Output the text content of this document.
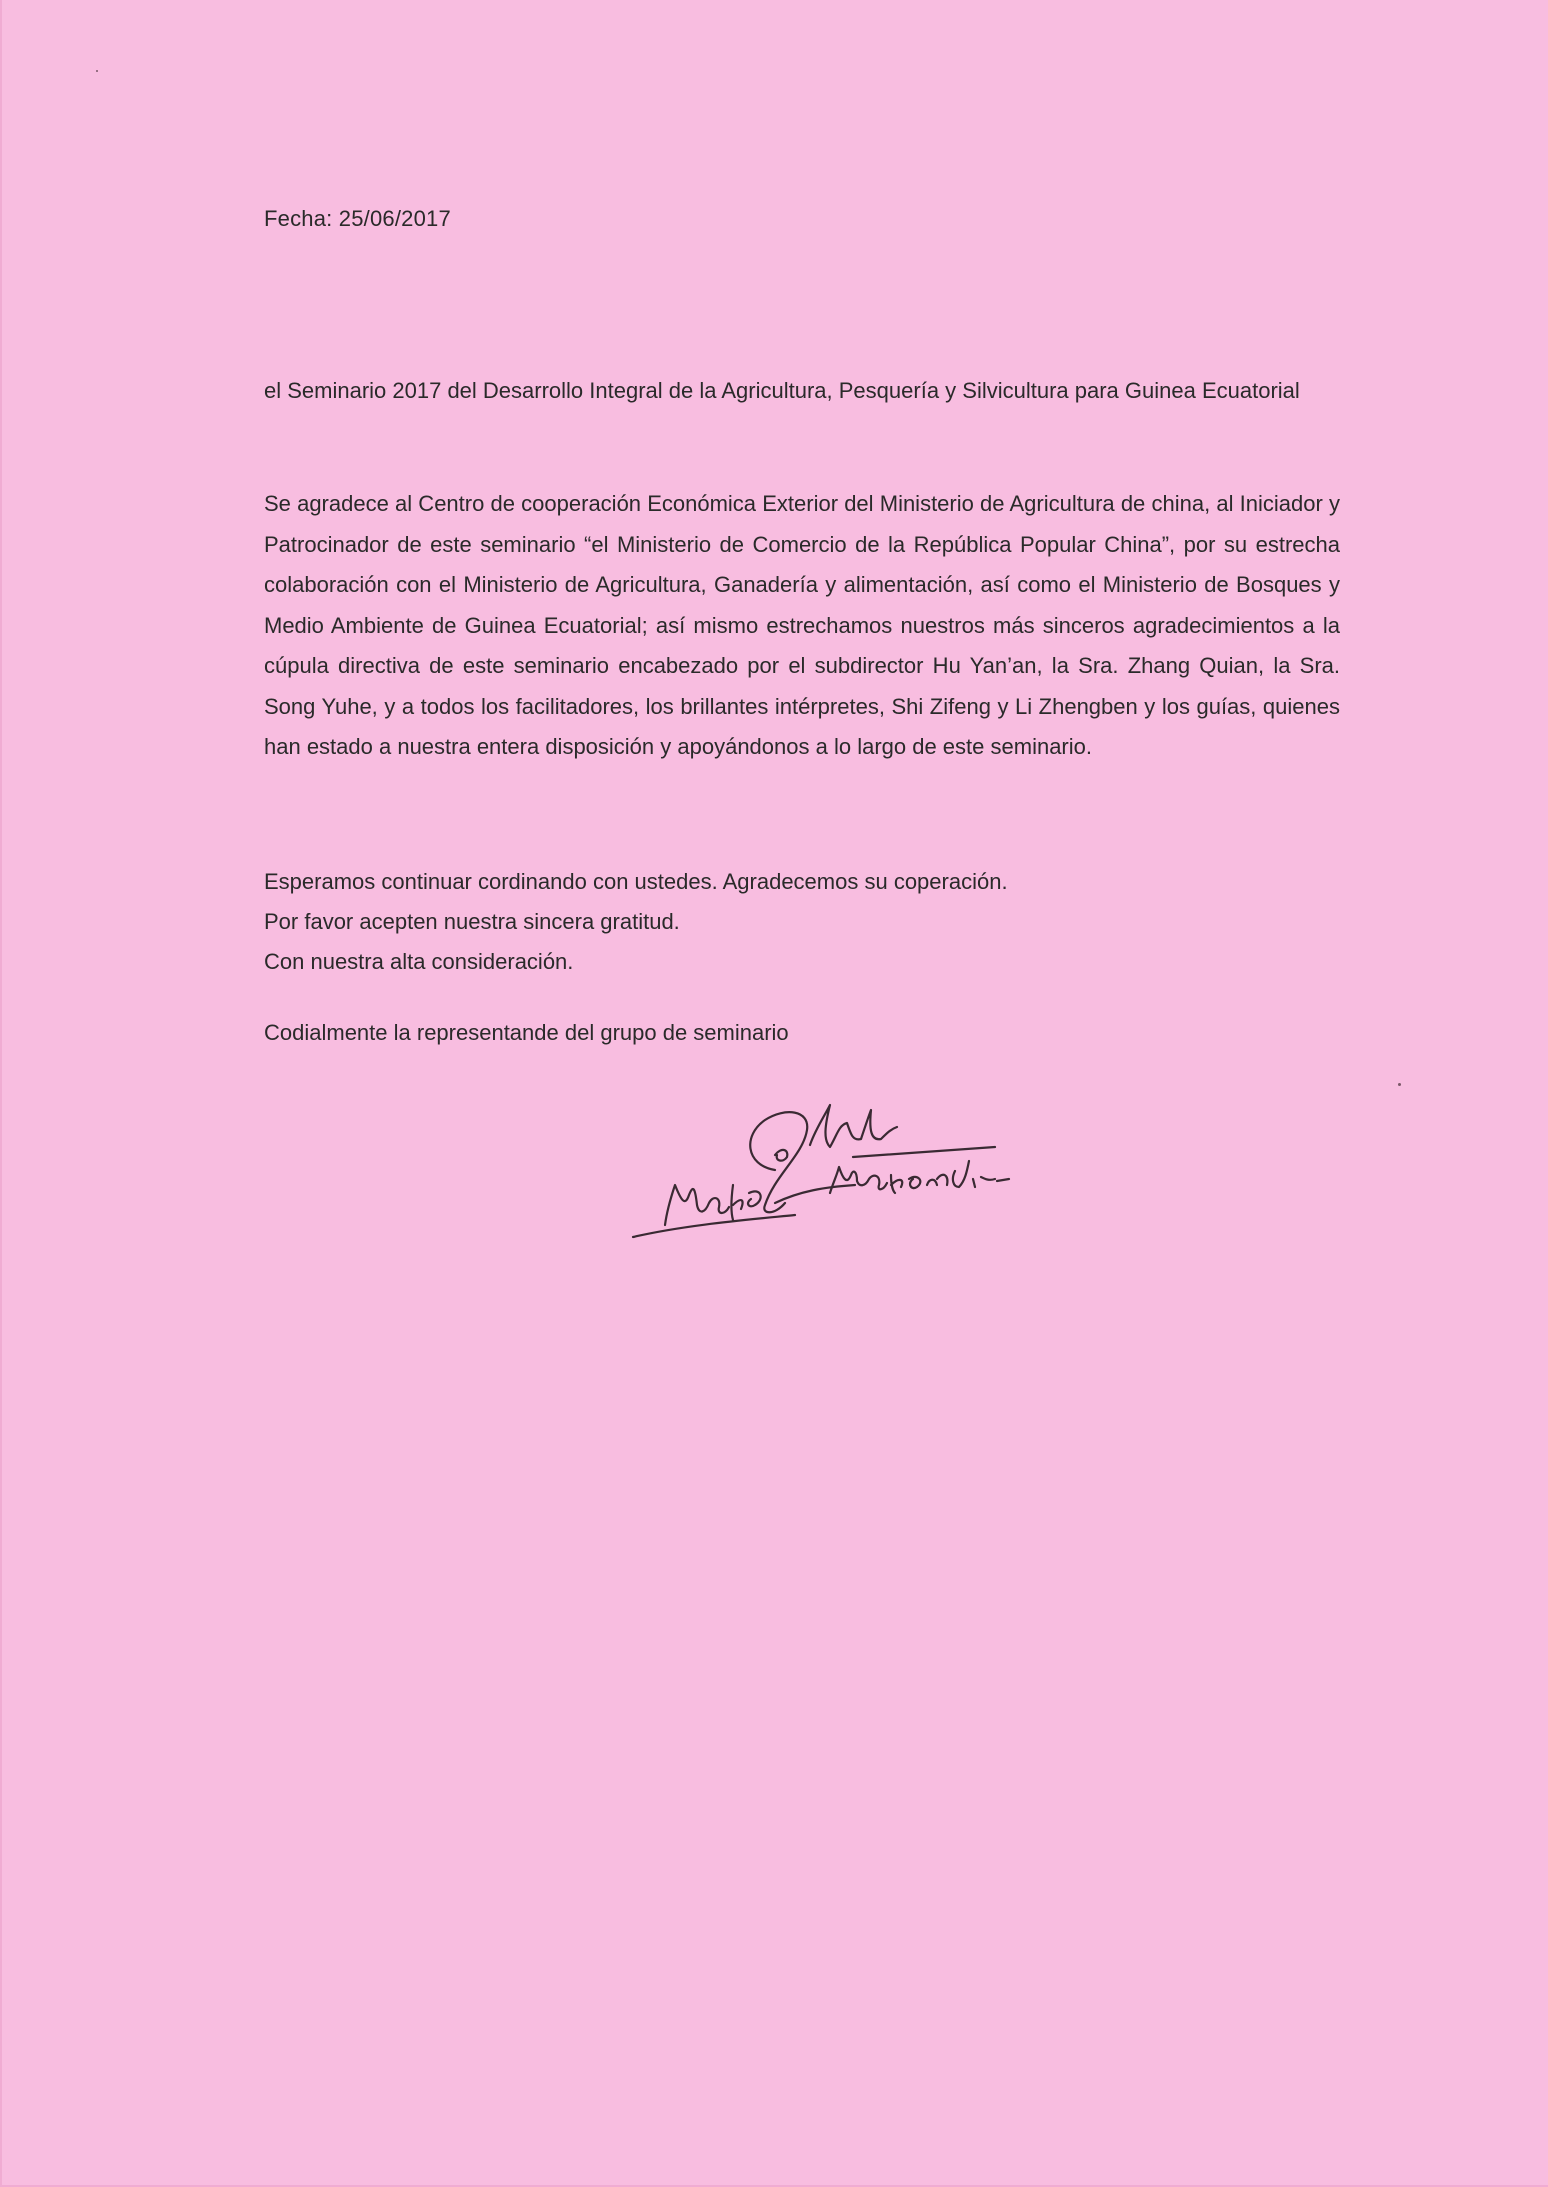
Fecha: 25/06/2017
el Seminario 2017 del Desarrollo Integral de la Agricultura, Pesquería y Silvicultura para Guinea Ecuatorial
Se agradece al Centro de cooperación Económica Exterior del Ministerio de Agricultura de china, al Iniciador y Patrocinador de este seminario “el Ministerio de Comercio de la República Popular China”, por su estrecha colaboración con el Ministerio de Agricultura, Ganadería y alimentación, así como el Ministerio de Bosques y Medio Ambiente de Guinea Ecuatorial; así mismo estrechamos nuestros más sinceros agradecimientos a la cúpula directiva de este seminario encabezado por el subdirector Hu Yan’an, la Sra. Zhang Quian, la Sra. Song Yuhe, y a todos los facilitadores, los brillantes intérpretes, Shi Zifeng y Li Zhengben y los guías, quienes han estado a nuestra entera disposición y apoyándonos a lo largo de este seminario.
Esperamos continuar cordinando con ustedes. Agradecemos su coperación.
Por favor acepten nuestra sincera gratitud.
Con nuestra alta consideración.
Codialmente la representande del grupo de seminario
